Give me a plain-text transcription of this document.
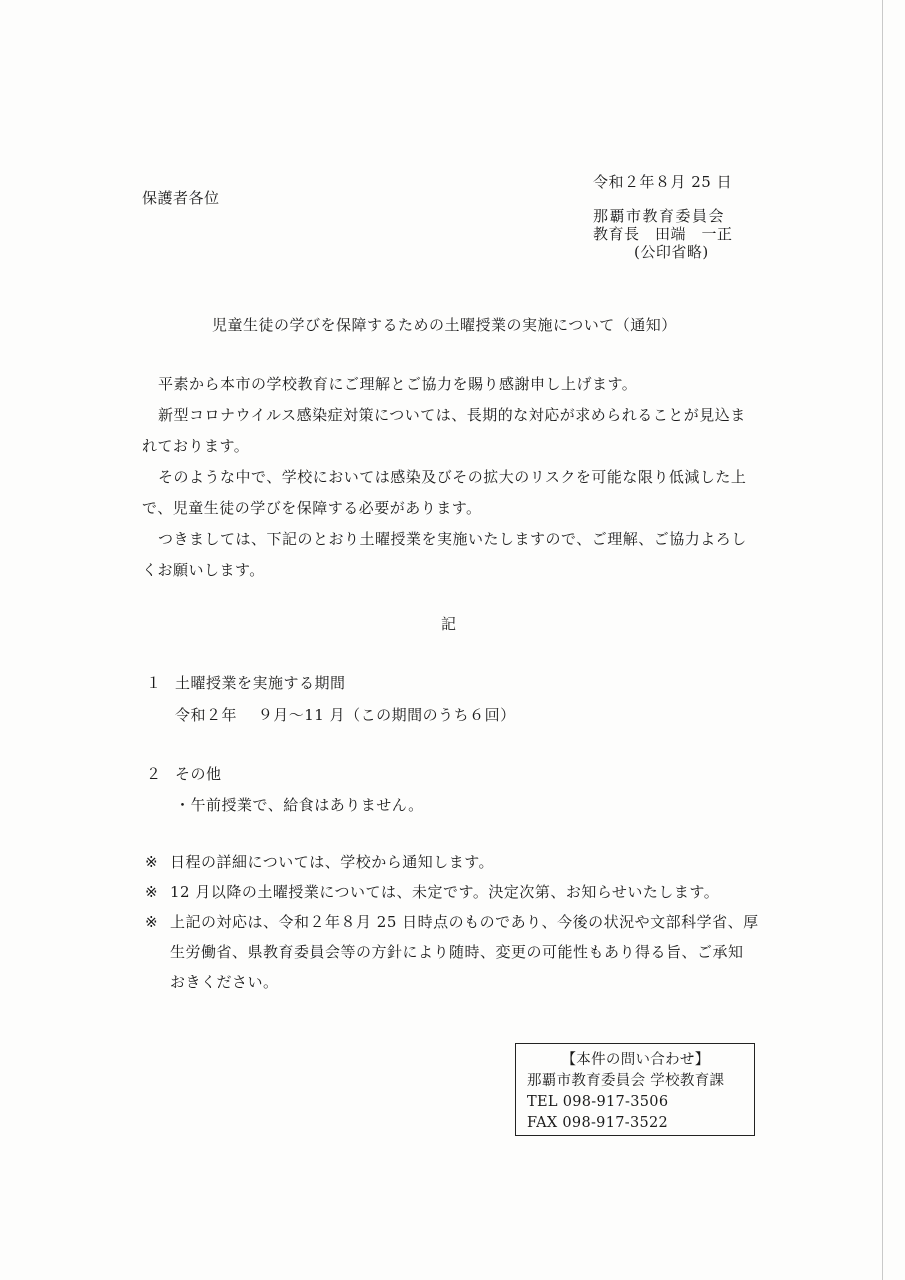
令和２年８月 25 日
保護者各位
那覇市教育委員会
教育長　田端　一正
(公印省略)
児童生徒の学びを保障するための土曜授業の実施について（通知）
平素から本市の学校教育にご理解とご協力を賜り感謝申し上げます。
新型コロナウイルス感染症対策については、長期的な対応が求められることが見込ま
れております。
そのような中で、学校においては感染及びその拡大のリスクを可能な限り低減した上
で、児童生徒の学びを保障する必要があります。
つきましては、下記のとおり土曜授業を実施いたしますので、ご理解、ご協力よろし
くお願いします。
記
１ 土曜授業を実施する期間
令和２年　 ９月〜11 月（この期間のうち６回）
２ その他
・午前授業で、給食はありません。
※ 日程の詳細については、学校から通知します。
※ 12 月以降の土曜授業については、未定です。決定次第、お知らせいたします。
※ 上記の対応は、令和２年８月 25 日時点のものであり、今後の状況や文部科学省、厚
生労働省、県教育委員会等の方針により随時、変更の可能性もあり得る旨、ご承知
おきください。
【本件の問い合わせ】
那覇市教育委員会 学校教育課
TEL 098-917-3506
FAX 098-917-3522
